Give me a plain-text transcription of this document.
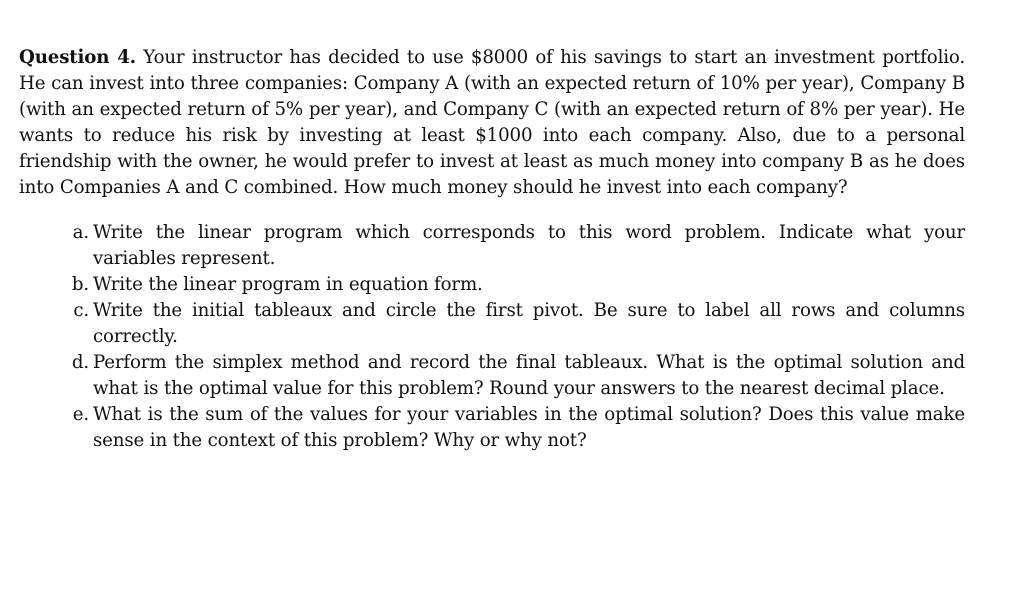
Question 4. Your instructor has decided to use $8000 of his savings to start an investment portfolio. He can invest into three companies: Company A (with an expected return of 10% per year), Company B (with an expected return of 5% per year), and Company C (with an expected return of 8% per year). He wants to reduce his risk by investing at least $1000 into each company. Also, due to a personal friendship with the owner, he would prefer to invest at least as much money into company B as he does into Companies A and C combined. How much money should he invest into each company?

a. Write the linear program which corresponds to this word problem. Indicate what your variables represent.
b. Write the linear program in equation form.
c. Write the initial tableaux and circle the first pivot. Be sure to label all rows and columns correctly.
d. Perform the simplex method and record the final tableaux. What is the optimal solution and what is the optimal value for this problem? Round your answers to the nearest decimal place.
e. What is the sum of the values for your variables in the optimal solution? Does this value make sense in the context of this problem? Why or why not?
